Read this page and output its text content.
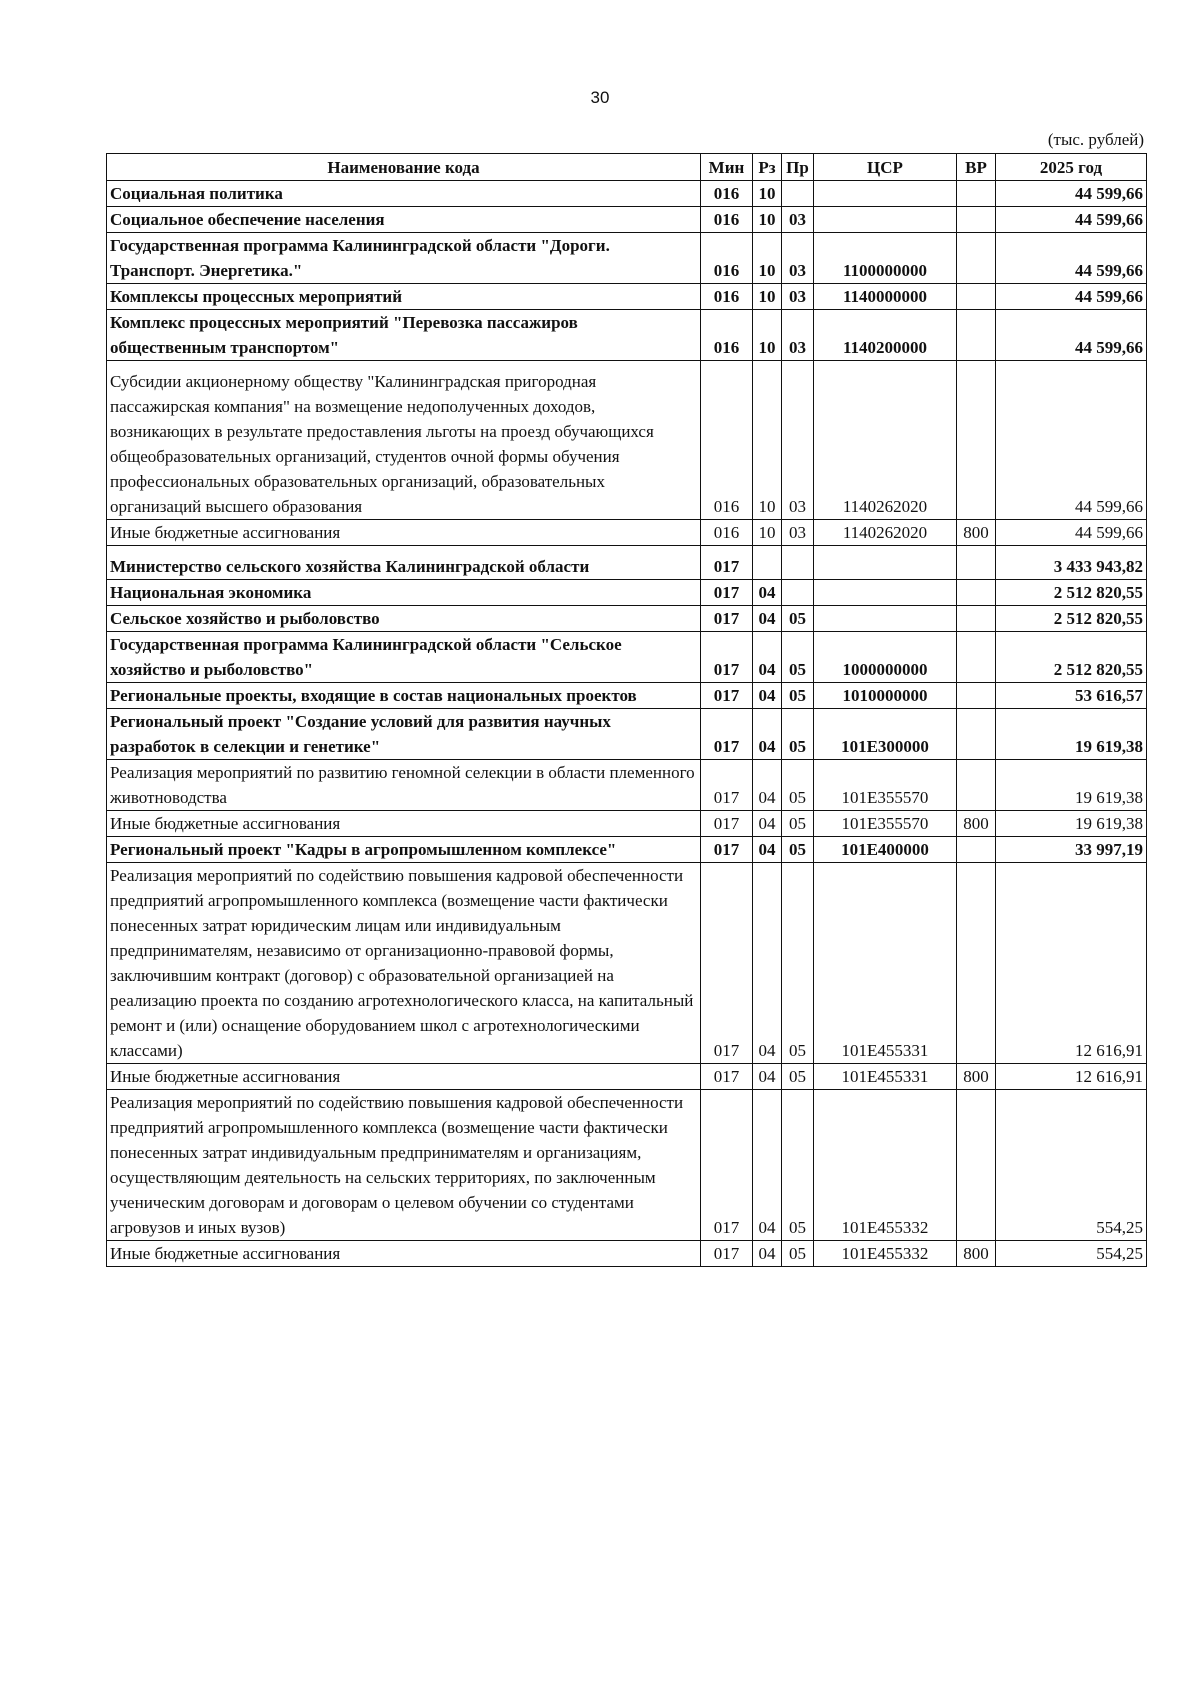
30
(тыс. рублей)
Наименование кода	Мин	Рз	Пр	ЦСР	ВР	2025 год
Социальная политика	016	10				44 599,66
Социальное обеспечение населения	016	10	03			44 599,66
Государственная программа Калининградской области "Дороги. Транспорт. Энергетика."	016	10	03	1100000000		44 599,66
Комплексы процессных мероприятий	016	10	03	1140000000		44 599,66
Комплекс процессных мероприятий "Перевозка пассажиров общественным транспортом"	016	10	03	1140200000		44 599,66
Субсидии акционерному обществу "Калининградская пригородная пассажирская компания" на возмещение недополученных доходов, возникающих в результате предоставления льготы на проезд обучающихся общеобразовательных организаций, студентов очной формы обучения профессиональных образовательных организаций, образовательных организаций высшего образования	016	10	03	1140262020		44 599,66
Иные бюджетные ассигнования	016	10	03	1140262020	800	44 599,66
Министерство сельского хозяйства Калининградской области	017					3 433 943,82
Национальная экономика	017	04				2 512 820,55
Сельское хозяйство и рыболовство	017	04	05			2 512 820,55
Государственная программа Калининградской области "Сельское хозяйство и рыболовство"	017	04	05	1000000000		2 512 820,55
Региональные проекты, входящие в состав национальных проектов	017	04	05	1010000000		53 616,57
Региональный проект "Создание условий для развития научных разработок в селекции и генетике"	017	04	05	101Е300000		19 619,38
Реализация мероприятий по развитию геномной селекции в области племенного животноводства	017	04	05	101Е355570		19 619,38
Иные бюджетные ассигнования	017	04	05	101Е355570	800	19 619,38
Региональный проект "Кадры в агропромышленном комплексе"	017	04	05	101Е400000		33 997,19
Реализация мероприятий по содействию повышения кадровой обеспеченности предприятий агропромышленного комплекса (возмещение части фактически понесенных затрат юридическим лицам или индивидуальным предпринимателям, независимо от организационно-правовой формы, заключившим контракт (договор) с образовательной организацией на реализацию проекта по созданию агротехнологического класса, на капитальный ремонт и (или) оснащение оборудованием школ с агротехнологическими классами)	017	04	05	101Е455331		12 616,91
Иные бюджетные ассигнования	017	04	05	101Е455331	800	12 616,91
Реализация мероприятий по содействию повышения кадровой обеспеченности предприятий агропромышленного комплекса (возмещение части фактически понесенных затрат индивидуальным предпринимателям и организациям, осуществляющим деятельность на сельских территориях, по заключенным ученическим договорам и договорам о целевом обучении со студентами агровузов и иных вузов)	017	04	05	101Е455332		554,25
Иные бюджетные ассигнования	017	04	05	101Е455332	800	554,25
